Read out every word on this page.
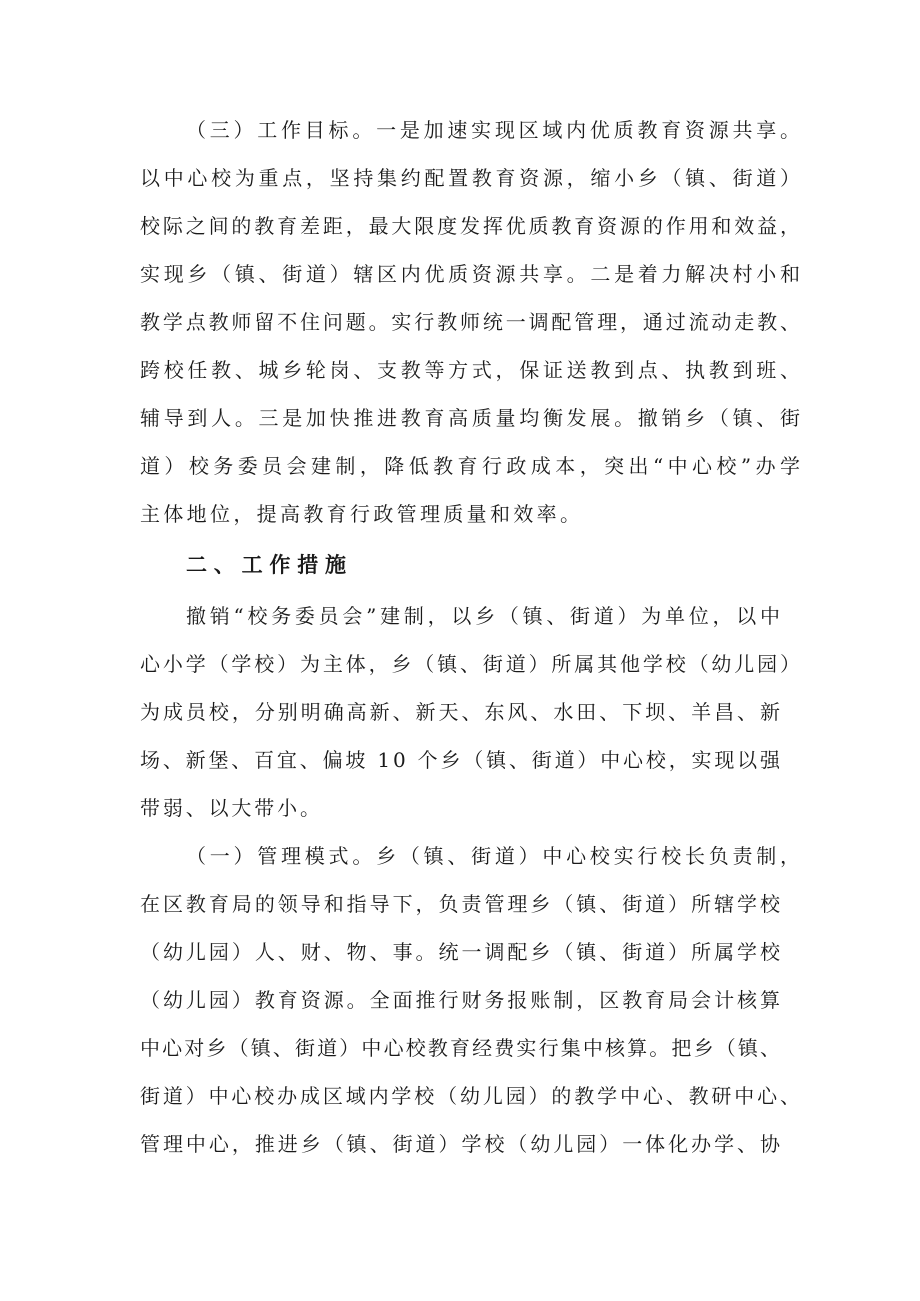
（三）工作目标。一是加速实现区域内优质教育资源共享。
以中心校为重点，坚持集约配置教育资源，缩小乡（镇、街道）
校际之间的教育差距，最大限度发挥优质教育资源的作用和效益，
实现乡（镇、街道）辖区内优质资源共享。二是着力解决村小和
教学点教师留不住问题。实行教师统一调配管理，通过流动走教、
跨校任教、城乡轮岗、支教等方式，保证送教到点、执教到班、
辅导到人。三是加快推进教育高质量均衡发展。撤销乡（镇、街
道）校务委员会建制，降低教育行政成本，突出“中心校”办学
主体地位，提高教育行政管理质量和效率。
二、工作措施
撤销“校务委员会”建制，以乡（镇、街道）为单位，以中
心小学（学校）为主体，乡（镇、街道）所属其他学校（幼儿园）
为成员校，分别明确高新、新天、东风、水田、下坝、羊昌、新
场、新堡、百宜、偏坡 10 个乡（镇、街道）中心校，实现以强
带弱、以大带小。
（一）管理模式。乡（镇、街道）中心校实行校长负责制，
在区教育局的领导和指导下，负责管理乡（镇、街道）所辖学校
（幼儿园）人、财、物、事。统一调配乡（镇、街道）所属学校
（幼儿园）教育资源。全面推行财务报账制，区教育局会计核算
中心对乡（镇、街道）中心校教育经费实行集中核算。把乡（镇、
街道）中心校办成区域内学校（幼儿园）的教学中心、教研中心、
管理中心，推进乡（镇、街道）学校（幼儿园）一体化办学、协
